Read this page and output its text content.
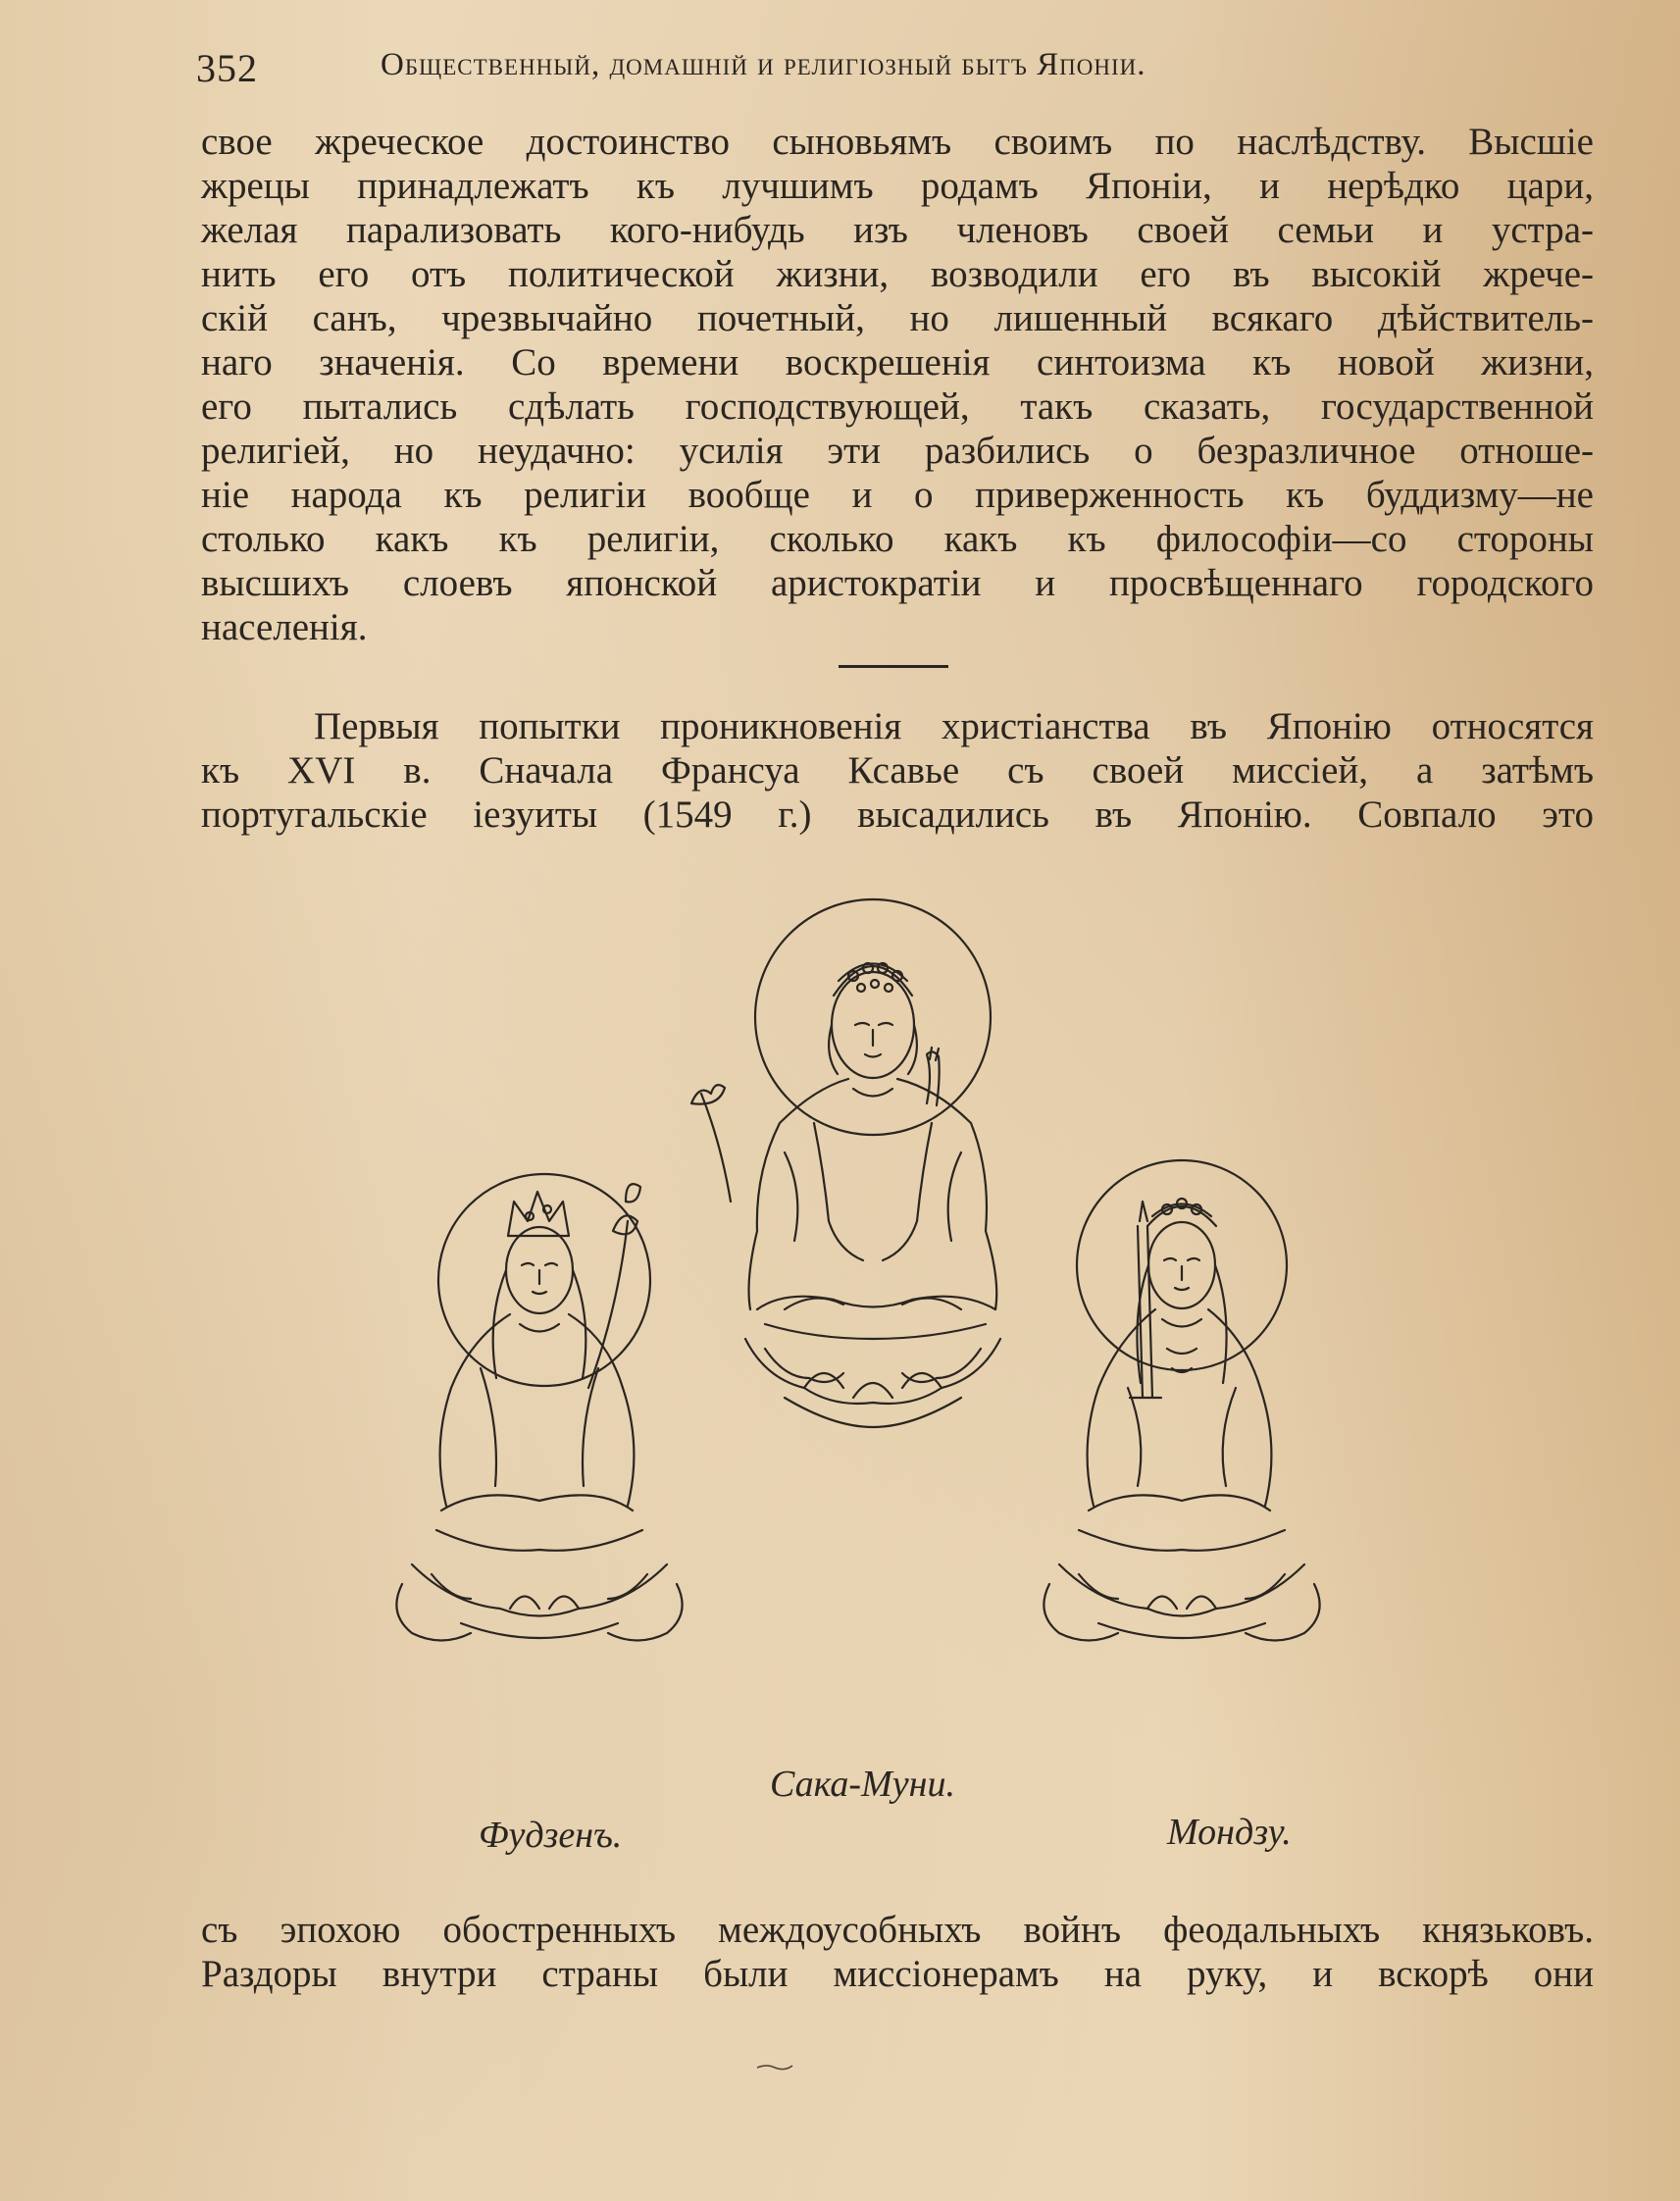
352	Общественный, домашній и религіозный бытъ Японіи.
свое жреческое достоинство сыновьямъ своимъ по наслѣдству. Высшіе
жрецы принадлежатъ къ лучшимъ родамъ Японіи, и нерѣдко цари,
желая парализовать кого-нибудь изъ членовъ своей семьи и устра-
нить его отъ политической жизни, возводили его въ высокій жрече-
скій санъ, чрезвычайно почетный, но лишенный всякаго дѣйствитель-
наго значенія. Со времени воскрешенія синтоизма къ новой жизни,
его пытались сдѣлать господствующей, такъ сказать, государственной
религіей, но неудачно: усилія эти разбились о безразличное отноше-
ніе народа къ религіи вообще и о приверженность къ буддизму—не
столько какъ къ религіи, сколько какъ къ философіи—со стороны
высшихъ слоевъ японской аристократіи и просвѣщеннаго городского
населенія.
Первыя попытки проникновенія христіанства въ Японію относятся
къ XVI в. Сначала Франсуа Ксавье съ своей миссіей, а затѣмъ
португальскіе іезуиты (1549 г.) высадились въ Японію. Совпало это
Сака-Муни.
Фудзенъ.	Мондзу.
съ эпохою обостренныхъ междоусобныхъ войнъ феодальныхъ князьковъ.
Раздоры внутри страны были миссіонерамъ на руку, и вскорѣ они
